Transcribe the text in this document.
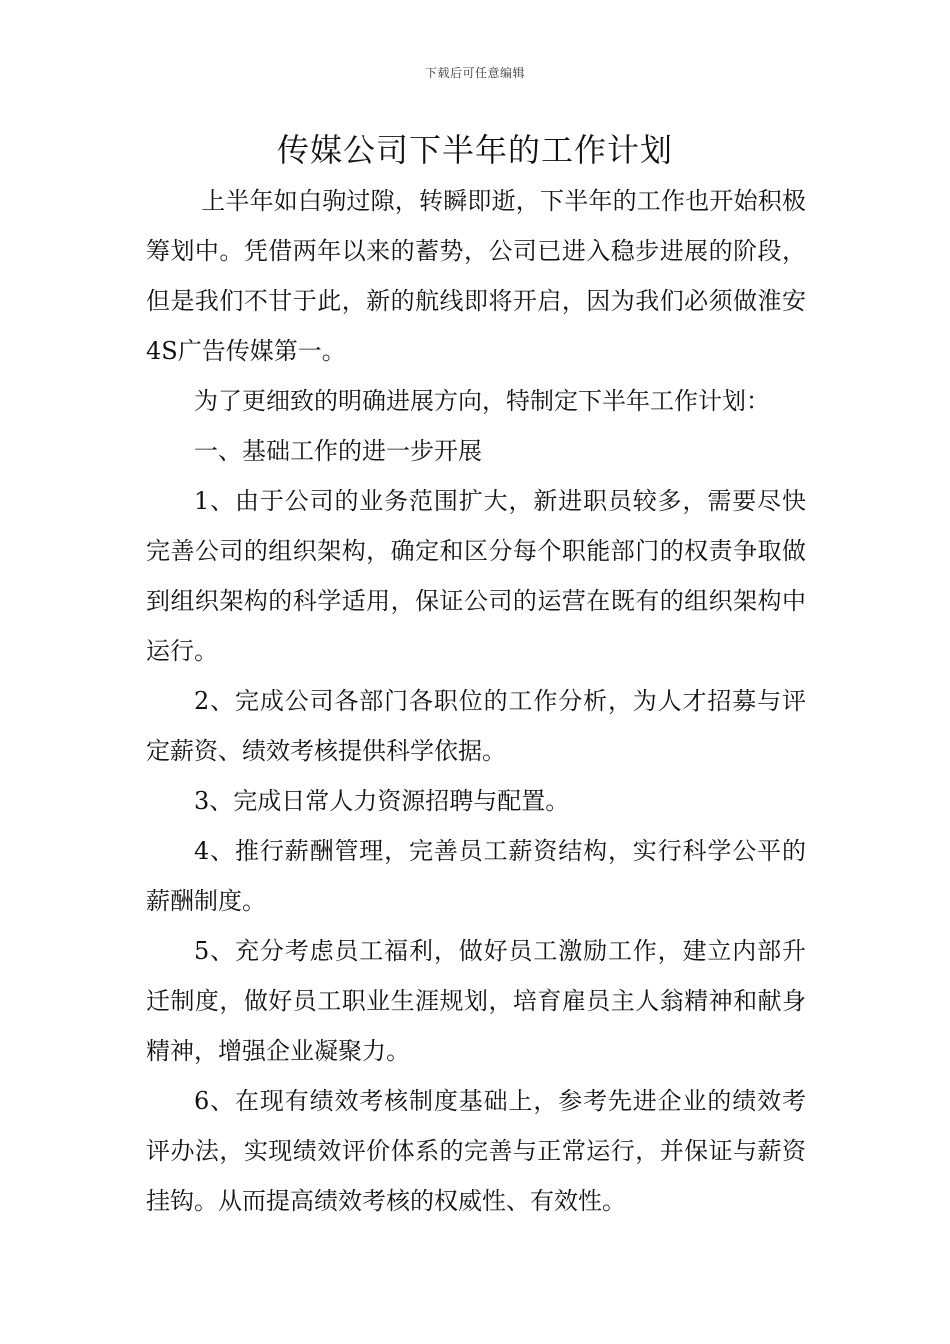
下载后可任意编辑
传媒公司下半年的工作计划

上半年如白驹过隙，转瞬即逝，下半年的工作也开始积极筹划中。凭借两年以来的蓄势，公司已进入稳步进展的阶段，但是我们不甘于此，新的航线即将开启，因为我们必须做淮安4S广告传媒第一。

为了更细致的明确进展方向，特制定下半年工作计划：

一、基础工作的进一步开展

1、由于公司的业务范围扩大，新进职员较多，需要尽快完善公司的组织架构，确定和区分每个职能部门的权责争取做到组织架构的科学适用，保证公司的运营在既有的组织架构中运行。

2、完成公司各部门各职位的工作分析，为人才招募与评定薪资、绩效考核提供科学依据。

3、完成日常人力资源招聘与配置。

4、推行薪酬管理，完善员工薪资结构，实行科学公平的薪酬制度。

5、充分考虑员工福利，做好员工激励工作，建立内部升迁制度，做好员工职业生涯规划，培育雇员主人翁精神和献身精神，增强企业凝聚力。

6、在现有绩效考核制度基础上，参考先进企业的绩效考评办法，实现绩效评价体系的完善与正常运行，并保证与薪资挂钩。从而提高绩效考核的权威性、有效性。
